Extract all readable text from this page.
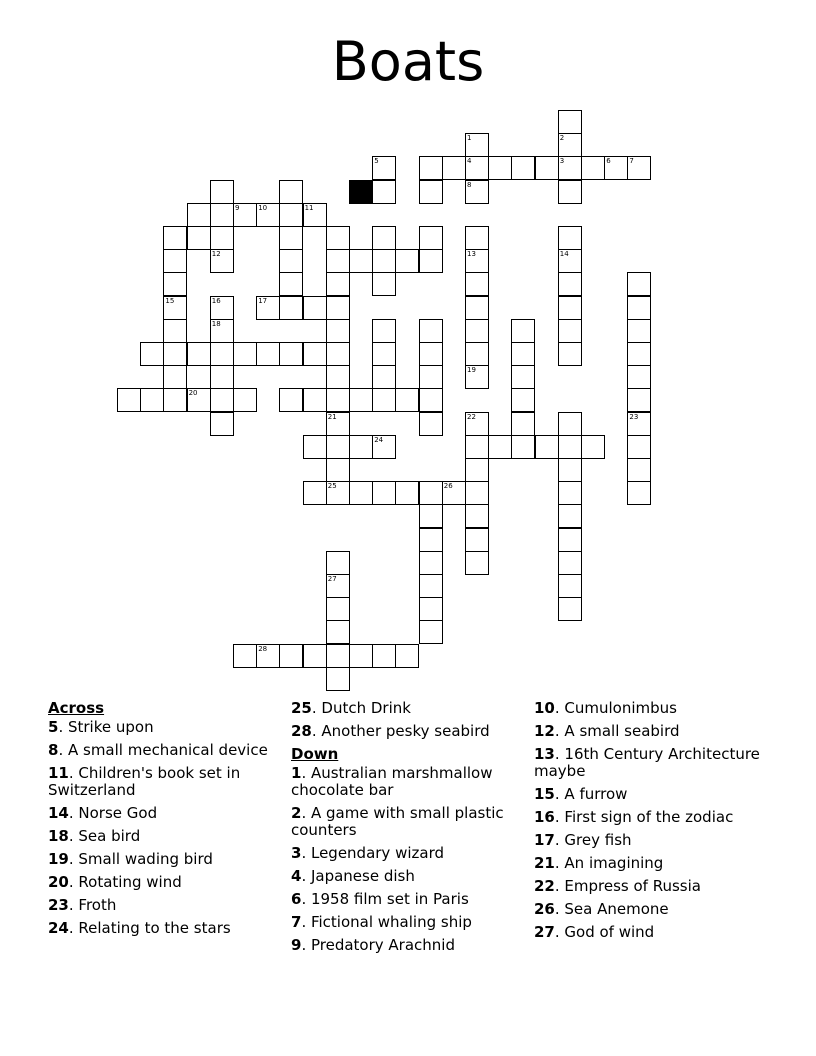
Boats
1	2
3
4
5	6	7
8
9	10	11
12	13	14
15	16	17
18
19
20
21	22	23
24
25	26
27
28
Across
5. Strike upon
8. A small mechanical device
11. Children's book set in Switzerland
14. Norse God
18. Sea bird
19. Small wading bird
20. Rotating wind
23. Froth
24. Relating to the stars
25. Dutch Drink
28. Another pesky seabird
Down
1. Australian marshmallow chocolate bar
2. A game with small plastic counters
3. Legendary wizard
4. Japanese dish
6. 1958 film set in Paris
7. Fictional whaling ship
9. Predatory Arachnid
10. Cumulonimbus
12. A small seabird
13. 16th Century Architecture maybe
15. A furrow
16. First sign of the zodiac
17. Grey fish
21. An imagining
22. Empress of Russia
26. Sea Anemone
27. God of wind
